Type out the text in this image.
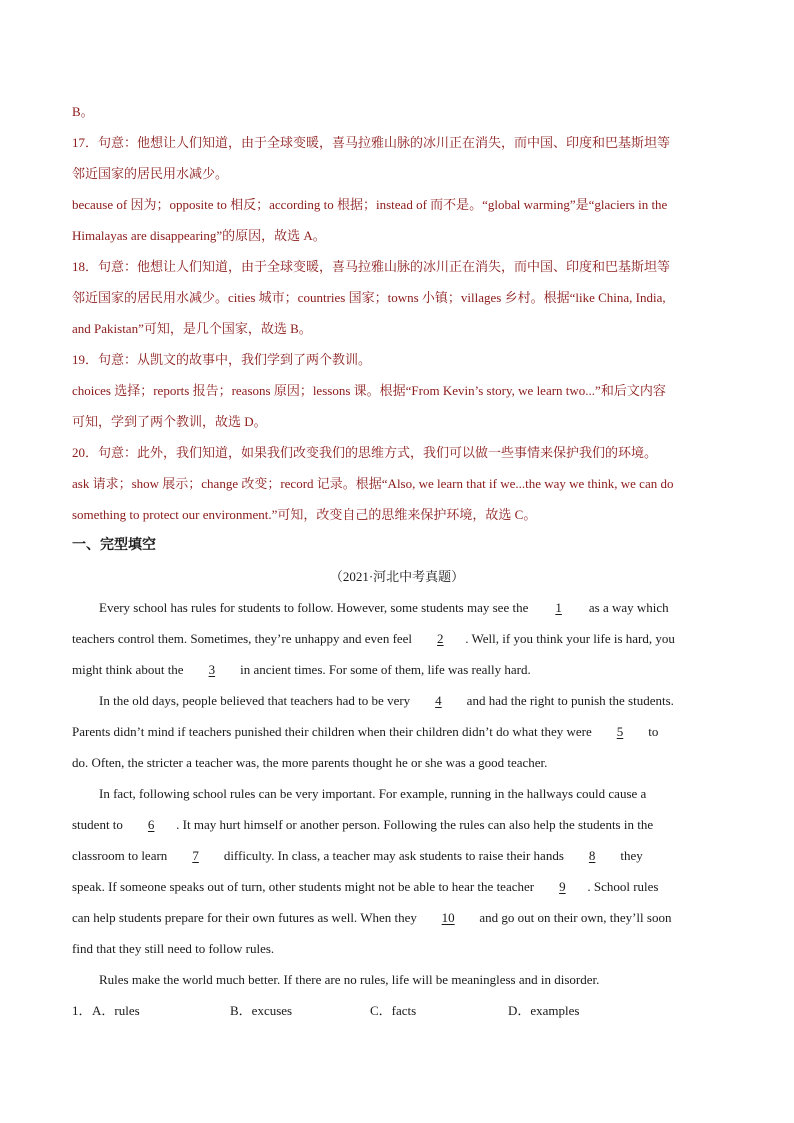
B。
17．句意：他想让人们知道，由于全球变暖，喜马拉雅山脉的冰川正在消失，而中国、印度和巴基斯坦等
邻近国家的居民用水减少。
because of 因为；opposite to 相反；according to 根据；instead of 而不是。“global warming”是“glaciers in the
Himalayas are disappearing”的原因，故选 A。
18．句意：他想让人们知道，由于全球变暖，喜马拉雅山脉的冰川正在消失，而中国、印度和巴基斯坦等
邻近国家的居民用水减少。cities 城市；countries 国家；towns 小镇；villages 乡村。根据“like China, India,
and Pakistan”可知，是几个国家，故选 B。
19．句意：从凯文的故事中，我们学到了两个教训。
choices 选择；reports 报告；reasons 原因；lessons 课。根据“From Kevin’s story, we learn two...”和后文内容
可知，学到了两个教训，故选 D。
20．句意：此外，我们知道，如果我们改变我们的思维方式，我们可以做一些事情来保护我们的环境。
ask 请求；show 展示；change 改变；record 记录。根据“Also, we learn that if we...the way we think, we can do
something to protect our environment.”可知，改变自己的思维来保护环境，故选 C。
一、完型填空
（2021·河北中考真题）
Every school has rules for students to follow. However, some students may see the 1 as a way which
teachers control them. Sometimes, they’re unhappy and even feel 2 . Well, if you think your life is hard, you
might think about the 3 in ancient times. For some of them, life was really hard.
In the old days, people believed that teachers had to be very 4 and had the right to punish the students.
Parents didn’t mind if teachers punished their children when their children didn’t do what they were 5 to
do. Often, the stricter a teacher was, the more parents thought he or she was a good teacher.
In fact, following school rules can be very important. For example, running in the hallways could cause a
student to 6 . It may hurt himself or another person. Following the rules can also help the students in the
classroom to learn 7 difficulty. In class, a teacher may ask students to raise their hands 8 they
speak. If someone speaks out of turn, other students might not be able to hear the teacher 9 . School rules
can help students prepare for their own futures as well. When they 10 and go out on their own, they’ll soon
find that they still need to follow rules.
Rules make the world much better. If there are no rules, life will be meaningless and in disorder.
1． A．rules	B．excuses	C．facts	D．examples
